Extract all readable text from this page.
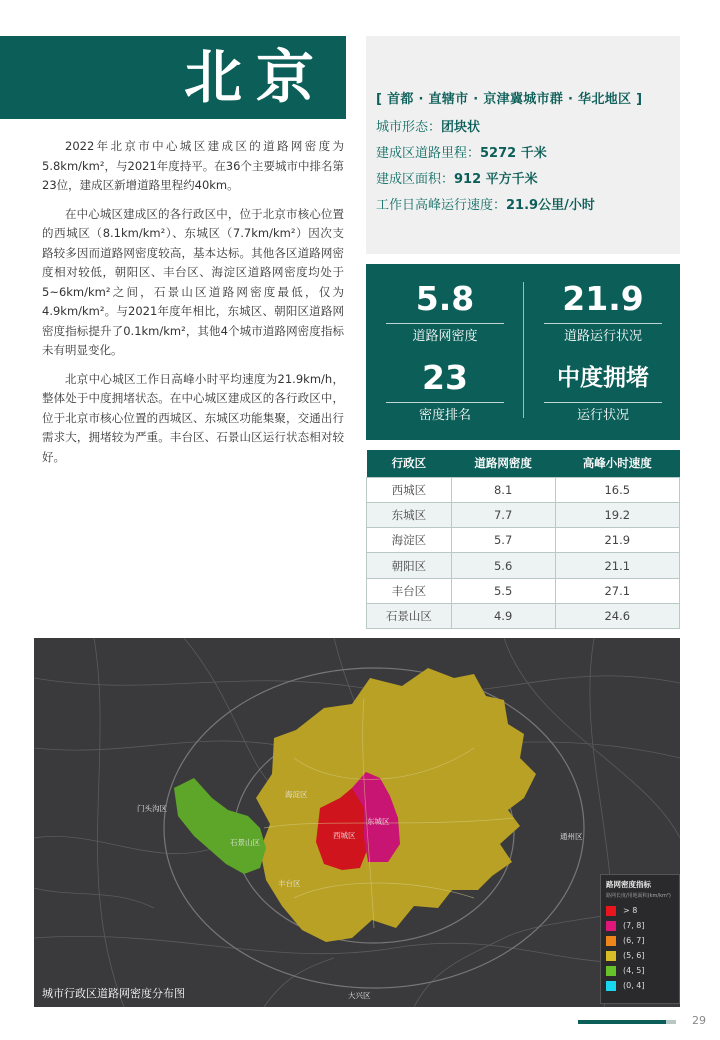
北京	[ 首都 · 直辖市 · 京津冀城市群 · 华北地区 ]
城市形态：团块状
建成区道路里程：5272 千米
建成区面积：912 平方千米
工作日高峰运行速度：21.9公里/小时

2022年北京市中心城区建成区的道路网密度为5.8km/km²，与2021年度持平。在36个主要城市中排名第23位，建成区新增道路里程约40km。

在中心城区建成区的各行政区中，位于北京市核心位置的西城区（8.1km/km²）、东城区（7.7km/km²）因次支路较多因而道路网密度较高，基本达标。其他各区道路网密度相对较低，朝阳区、丰台区、海淀区道路网密度均处于5~6km/km²之间，石景山区道路网密度最低，仅为4.9km/km²。与2021年度年相比，东城区、朝阳区道路网密度指标提升了0.1km/km²，其他4个城市道路网密度指标未有明显变化。

北京中心城区工作日高峰小时平均速度为21.9km/h，整体处于中度拥堵状态。在中心城区建成区的各行政区中，位于北京市核心位置的西城区、东城区功能集聚，交通出行需求大，拥堵较为严重。丰台区、石景山区运行状态相对较好。

5.8
道路网密度
21.9
道路运行状况
23
密度排名
中度拥堵
运行状况
行政区	道路网密度	高峰小时速度
西城区	8.1	16.5
东城区	7.7	19.2
海淀区	5.7	21.9
朝阳区	5.6	21.1
丰台区	5.5	27.1
石景山区	4.9	24.6
门头沟区
石景山区
海淀区
西城区
东城区
丰台区
通州区
大兴区
路网密度指标
路网长度/用地面积(km/km²)
> 8
(7, 8]
(6, 7]
(5, 6]
(4, 5]
(0, 4]
城市行政区道路网密度分布图
29
